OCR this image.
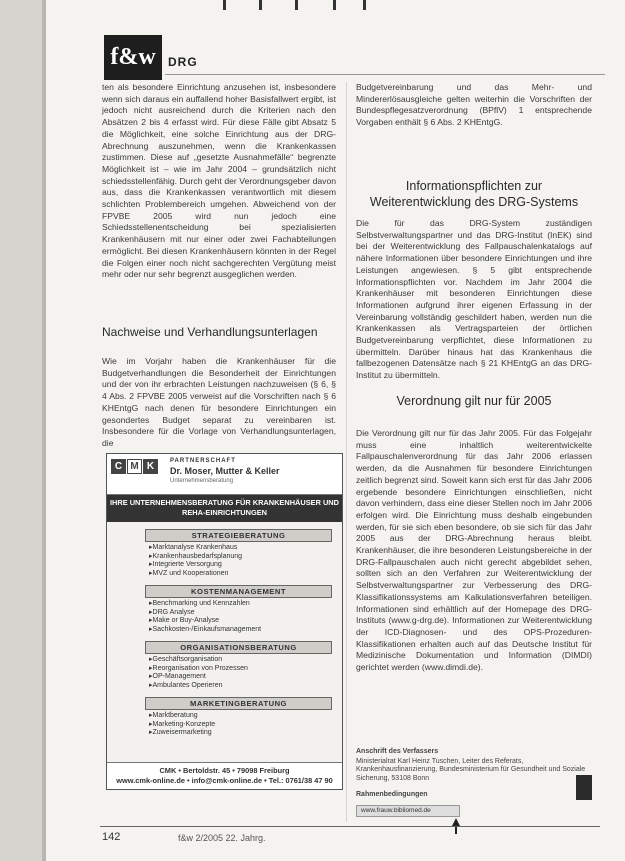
f&w	DRG

ten als besondere Einrichtung anzusehen ist, insbesondere wenn sich daraus ein auffallend hoher Basisfallwert ergibt, ist jedoch nicht ausreichend durch die Kriterien nach den Absätzen 2 bis 4 erfasst wird. Für diese Fälle gibt Absatz 5 die Möglichkeit, eine solche Einrichtung aus der DRG-Abrechnung auszunehmen, wenn die Krankenkassen zustimmen. Diese auf „gesetzte Ausnahmefälle“ begrenzte Möglichkeit ist – wie im Jahr 2004 – grundsätzlich nicht schiedsstellenfähig. Durch geht der Verordnungsgeber davon aus, dass die Krankenkassen verantwortlich mit diesem schlichten Problembereich umgehen. Abweichend von der FPVBE 2005 wird nun jedoch eine Schiedsstellenentscheidung bei spezialisierten Krankenhäusern mit nur einer oder zwei Fachabteilungen ermöglicht. Bei diesen Krankenhäusern könnten in der Regel die Folgen einer noch nicht sachgerechten Vergütung meist mehr oder nur sehr begrenzt ausgeglichen werden.

Nachweise und Verhandlungsunterlagen

Wie im Vorjahr haben die Krankenhäuser für die Budgetverhandlungen die Besonderheit der Einrichtungen und der von ihr erbrachten Leistungen nachzuweisen (§ 6, § 4 Abs. 2 FPVBE 2005 verweist auf die Vorschriften nach § 6 KHEntgG nach denen für besondere Einrichtungen ein gesondertes Budget separat zu vereinbaren ist. Insbesondere für die Vorlage von Verhandlungsunterlagen, die

Budgetvereinbarung und das Mehr- und Mindererlösausgleiche gelten weiterhin die Vorschriften der Bundespflegesatzverordnung (BPflV) 1 entsprechende Vorgaben enthält § 6 Abs. 2 KHEntgG.

Informationspflichten zur Weiterentwicklung des DRG-Systems

Die für das DRG-System zuständigen Selbstverwaltungspartner und das DRG-Institut (InEK) sind bei der Weiterentwicklung des Fallpauschalenkatalogs auf nähere Informationen über besondere Einrichtungen und ihre Leistungen angewiesen. § 5 gibt entsprechende Informationspflichten vor. Nachdem im Jahr 2004 die Krankenhäuser mit besonderen Einrichtungen diese Informationen aufgrund ihrer eigenen Erfassung in der Vereinbarung vollständig geschildert haben, werden nun die Krankenkassen als Vertragsparteien der örtlichen Budgetvereinbarung verpflichtet, diese Informationen zu übermitteln. Darüber hinaus hat das Krankenhaus die fallbezogenen Datensätze nach § 21 KHEntgG an das DRG-Institut zu übermitteln.

Verordnung gilt nur für 2005

Die Verordnung gilt nur für das Jahr 2005. Für das Folgejahr muss eine inhaltlich weiterentwickelte Fallpauschalenverordnung für das Jahr 2006 erlassen werden, da die Ausnahmen für besondere Einrichtungen zeitlich begrenzt sind. Soweit kann sich erst für das Jahr 2006 ergebende besondere Einrichtungen einschließen, nicht davon verhindern, dass eine dieser Stellen noch im Jahr 2006 erfolgen wird. Die Einrichtung muss deshalb eingebunden werden, für sie sich eben besondere, ob sie sich für das Jahr 2005 aus der DRG-Abrechnung heraus bleibt. Krankenhäuser, die ihre besonderen Leistungsbereiche in der DRG-Fallpauschalen auch nicht gerecht abgebildet sehen, sollten sich an den Verfahren zur Weiterentwicklung der Selbstverwaltungspartner zur Verbesserung des DRG-Klassifikationssystems am Kalkulationsverfahren beteiligen. Informationen sind erhältlich auf der Homepage des DRG-Instituts (www.g-drg.de). Informationen zur Weiterentwicklung der ICD-Diagnosen- und des OPS-Prozeduren-Klassifikationen erhalten auch auf das Deutsche Institut für Medizinische Dokumentation und Information (DIMDI) gerichtet werden (www.dimdi.de).

C M K	PARTNERSCHAFT
Dr. Moser, Mutter & Keller
Unternehmensberatung
IHRE UNTERNEHMENSBERATUNG FÜR KRANKENHÄUSER UND REHA-EINRICHTUNGEN
STRATEGIEBERATUNG
▸ Marktanalyse Krankenhaus
▸ Krankenhausbedarfsplanung
▸ Integrierte Versorgung
▸ MVZ und Kooperationen
KOSTENMANAGEMENT
▸ Benchmarking und Kennzahlen
▸ DRG Analyse
▸ Make or Buy-Analyse
▸ Sachkosten-/Einkaufsmanagement
ORGANISATIONSBERATUNG
▸ Geschäftsorganisation
▸ Reorganisation von Prozessen
▸ OP-Management
▸ Ambulantes Operieren
MARKETINGBERATUNG
▸ Marktberatung
▸ Marketing-Konzepte
▸ Zuweisermarketing
CMK • Bertoldstr. 45 • 79098 Freiburg
www.cmk-online.de • info@cmk-online.de • Tel.: 0761/38 47 90
Anschrift des Verfassers
Ministerialrat Karl Heinz Tuschen, Leiter des Referats, Krankenhausfinanzierung, Bundesministerium für Gesundheit und Soziale Sicherung, 53108 Bonn
Rahmenbedingungen
www.frauw.bibliomed.de
142	f&w 2/2005 22. Jahrg.
